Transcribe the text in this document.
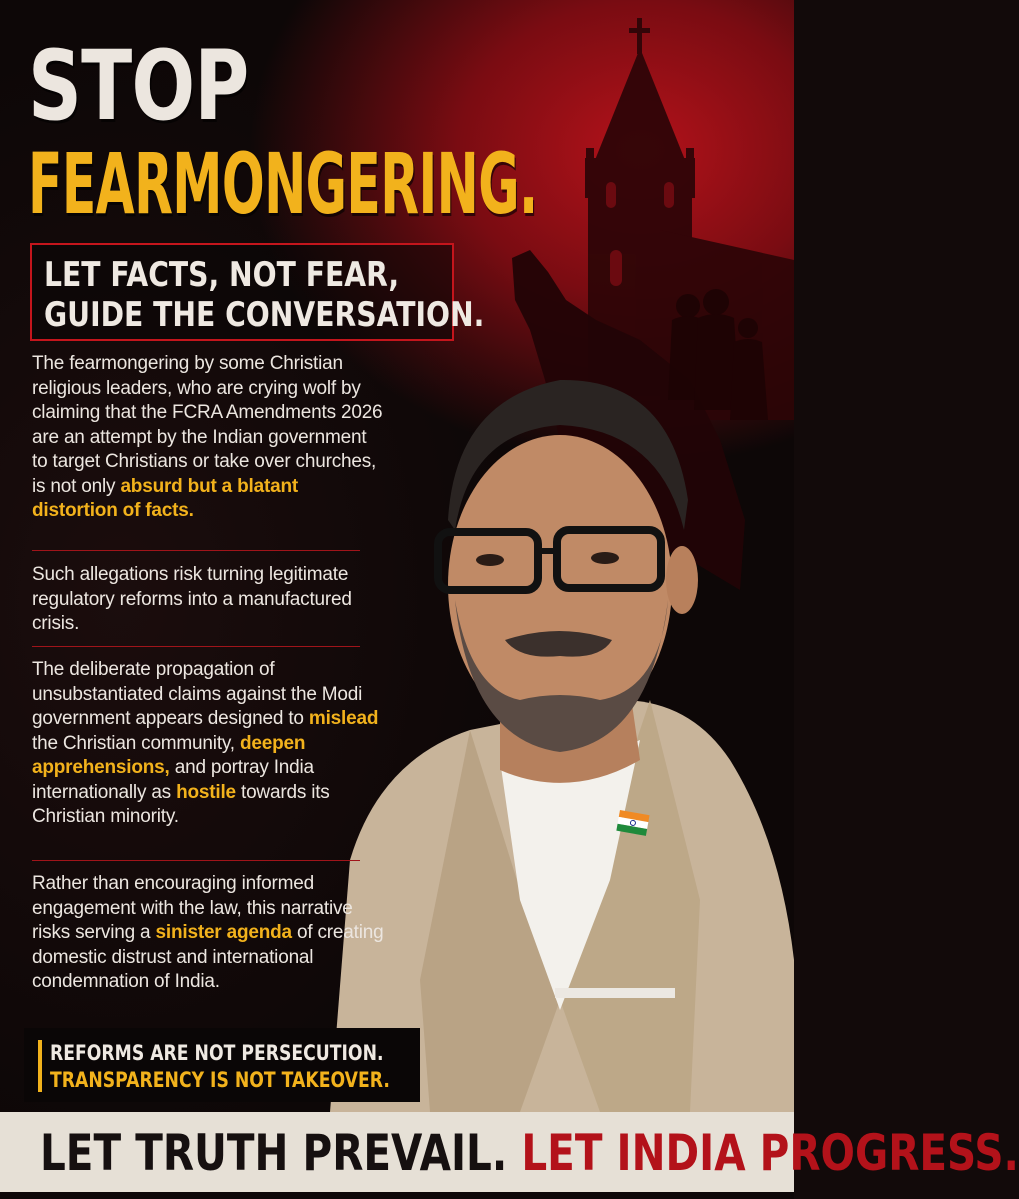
STOP
FEARMONGERING.
LET FACTS, NOT FEAR,
GUIDE THE CONVERSATION.
The fearmongering by some Christian religious leaders, who are crying wolf by claiming that the FCRA Amendments 2026 are an attempt by the Indian government to target Christians or take over churches, is not only absurd but a blatant distortion of facts.
Such allegations risk turning legitimate regulatory reforms into a manufactured crisis.
The deliberate propagation of unsubstantiated claims against the Modi government appears designed to mislead the Christian community, deepen apprehensions, and portray India internationally as hostile towards its Christian minority.
Rather than encouraging informed engagement with the law, this narrative risks serving a sinister agenda of creating domestic distrust and international condemnation of India.
REFORMS ARE NOT PERSECUTION.
TRANSPARENCY IS NOT TAKEOVER.
LET TRUTH PREVAIL. LET INDIA PROGRESS.
